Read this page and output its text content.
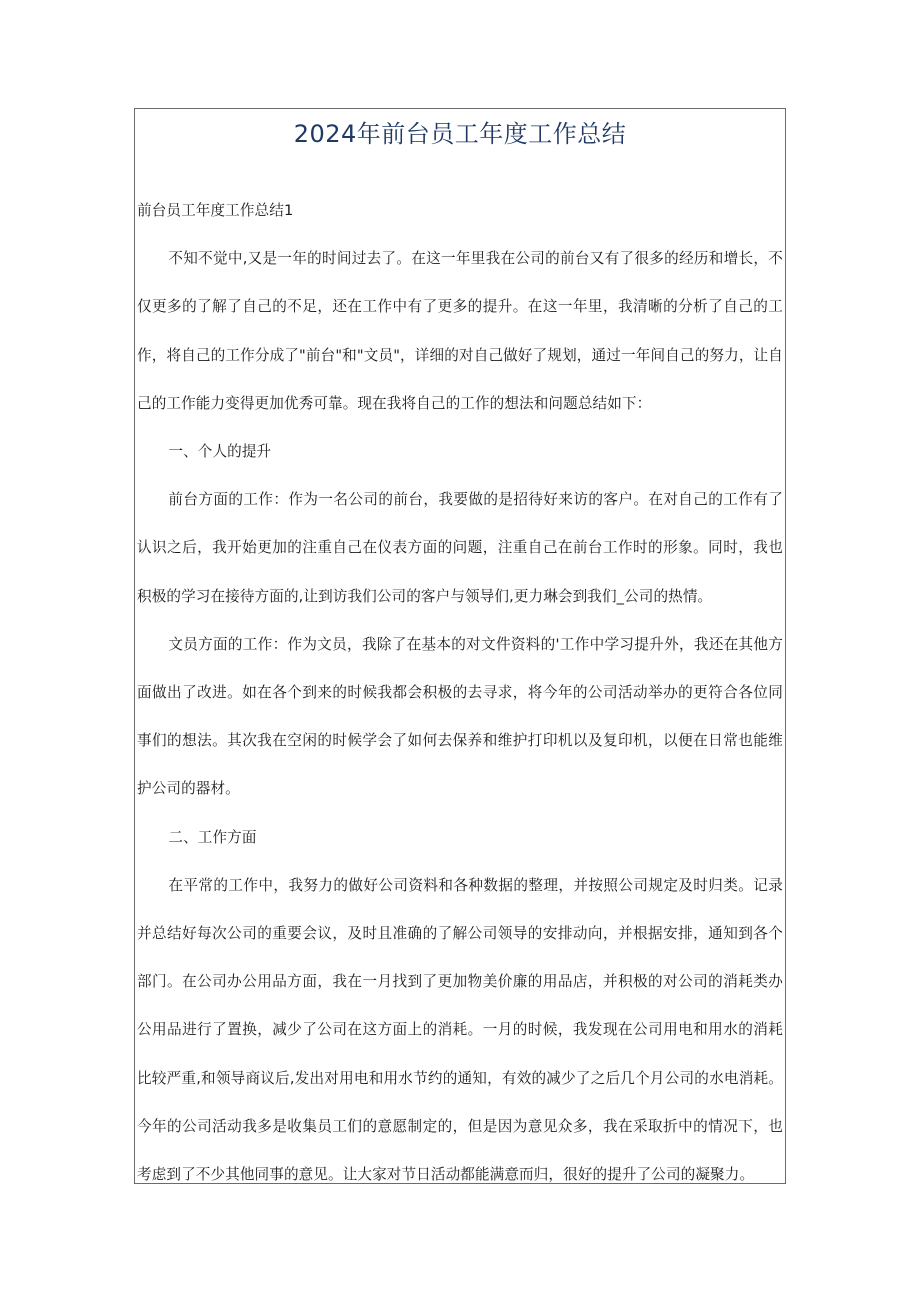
2024年前台员工年度工作总结

前台员工年度工作总结1

不知不觉中,又是一年的时间过去了。在这一年里我在公司的前台又有了很多的经历和增长，不仅更多的了解了自己的不足，还在工作中有了更多的提升。在这一年里，我清晰的分析了自己的工作，将自己的工作分成了"前台"和"文员"，详细的对自己做好了规划，通过一年间自己的努力，让自己的工作能力变得更加优秀可靠。现在我将自己的工作的想法和问题总结如下：

一、个人的提升

前台方面的工作：作为一名公司的前台，我要做的是招待好来访的客户。在对自己的工作有了认识之后，我开始更加的注重自己在仪表方面的问题，注重自己在前台工作时的形象。同时，我也积极的学习在接待方面的,让到访我们公司的客户与领导们,更力琳会到我们_公司的热情。

文员方面的工作：作为文员，我除了在基本的对文件资料的'工作中学习提升外，我还在其他方面做出了改进。如在各个到来的时候我都会积极的去寻求，将今年的公司活动举办的更符合各位同事们的想法。其次我在空闲的时候学会了如何去保养和维护打印机以及复印机，以便在日常也能维护公司的器材。

二、工作方面

在平常的工作中，我努力的做好公司资料和各种数据的整理，并按照公司规定及时归类。记录并总结好每次公司的重要会议，及时且准确的了解公司领导的安排动向，并根据安排，通知到各个部门。在公司办公用品方面，我在一月找到了更加物美价廉的用品店，并积极的对公司的消耗类办公用品进行了置换，减少了公司在这方面上的消耗。一月的时候，我发现在公司用电和用水的消耗比较严重,和领导商议后,发出对用电和用水节约的通知，有效的减少了之后几个月公司的水电消耗。今年的公司活动我多是收集员工们的意愿制定的，但是因为意见众多，我在采取折中的情况下，也考虑到了不少其他同事的意见。让大家对节日活动都能满意而归，很好的提升了公司的凝聚力。
